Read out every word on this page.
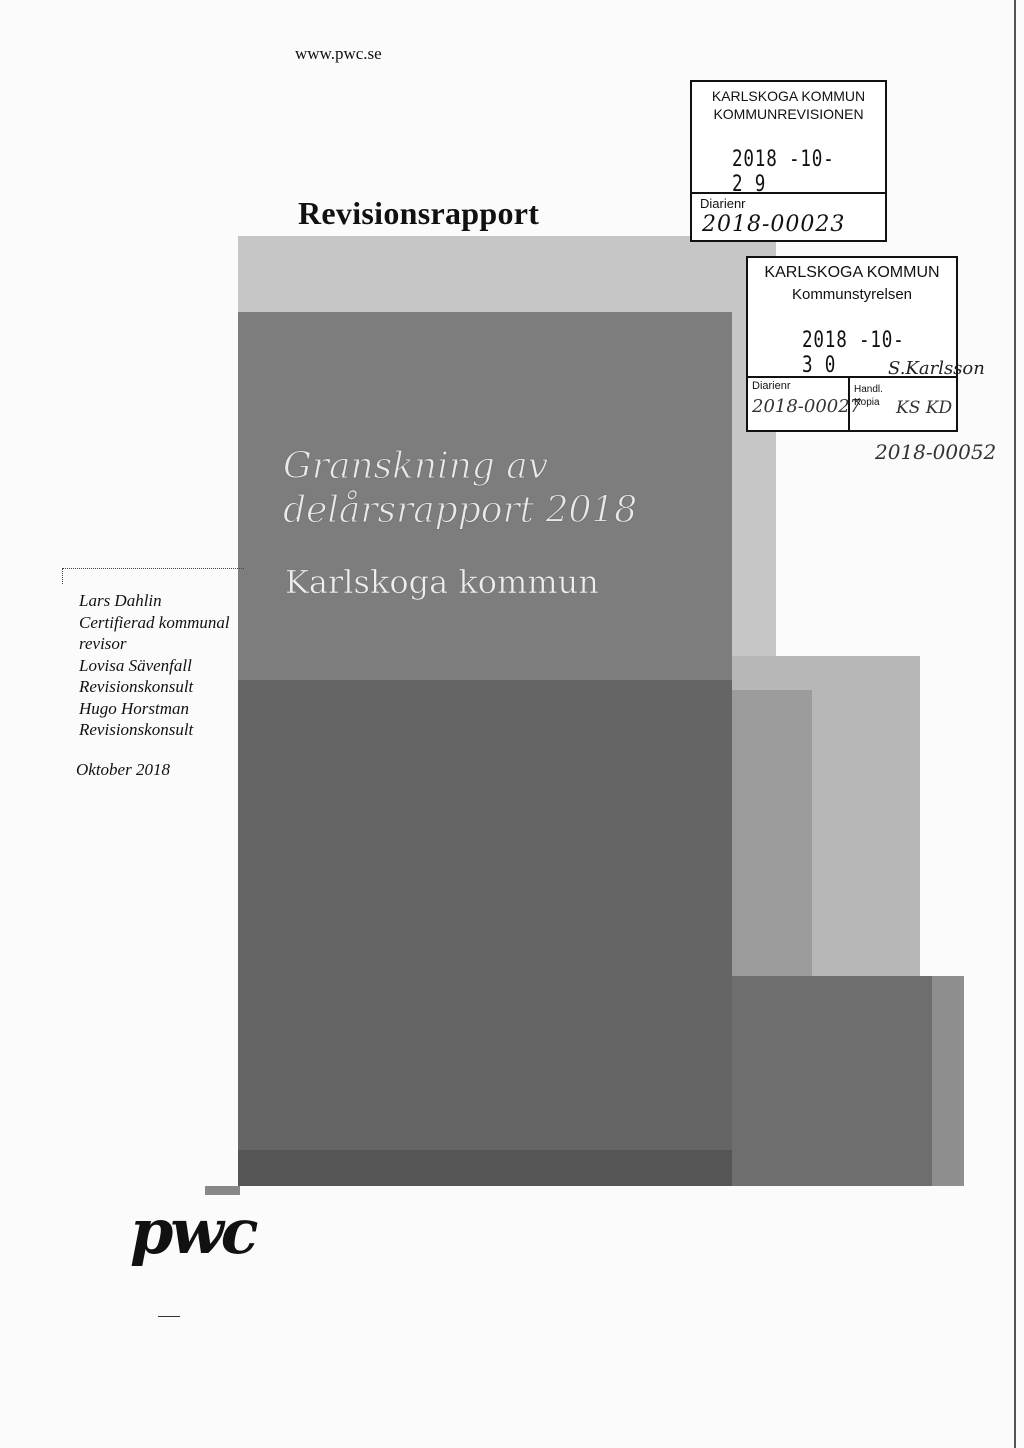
www.pwc.se
Revisionsrapport
Granskning av
delårsrapport 2018
Karlskoga kommun
KARLSKOGA KOMMUN
KOMMUNREVISIONEN
2018 -10- 2 9
Diarienr
2018-00023
KARLSKOGA KOMMUN
Kommunstyrelsen
2018 -10- 3 0
Diarienr
2018-00027
Handl.
Kopia
S.Karlsson
KS KD
2018-00052
Lars Dahlin
Certifierad kommunal
revisor
Lovisa Sävenfall
Revisionskonsult
Hugo Horstman
Revisionskonsult
Oktober 2018
pwc
